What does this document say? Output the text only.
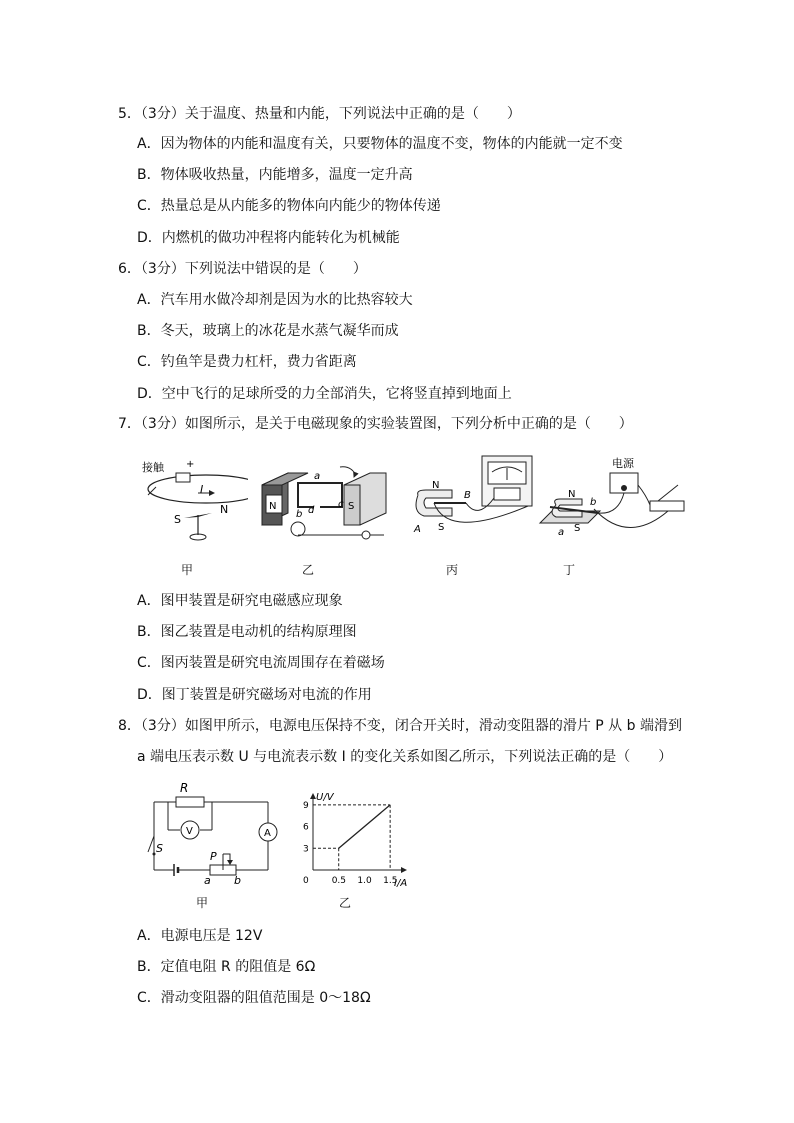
5．（3分）关于温度、热量和内能，下列说法中正确的是（　　）
A．因为物体的内能和温度有关，只要物体的温度不变，物体的内能就一定不变
B．物体吸收热量，内能增多，温度一定升高
C．热量总是从内能多的物体向内能少的物体传递
D．内燃机的做功冲程将内能转化为机械能
6．（3分）下列说法中错误的是（　　）
A．汽车用水做冷却剂是因为水的比热容较大
B．冬天，玻璃上的冰花是水蒸气凝华而成
C．钓鱼竿是费力杠杆，费力省距离
D．空中飞行的足球所受的力全部消失，它将竖直掉到地面上
7．（3分）如图所示，是关于电磁现象的实验装置图，下列分析中正确的是（　　）
接触 +
I
S
N
甲
a
N	S
b
c
d
乙
N
S
A
B
丙
电源
N
S
a
b
丁
A．图甲装置是研究电磁感应现象
B．图乙装置是电动机的结构原理图
C．图丙装置是研究电流周围存在着磁场
D．图丁装置是研究磁场对电流的作用
8．（3分）如图甲所示，电源电压保持不变，闭合开关时，滑动变阻器的滑片 P 从 b 端滑到
a 端电压表示数 U 与电流表示数 I 的变化关系如图乙所示，下列说法正确的是（　　）
R
V	A
S
P
a b
甲
U/V
I/A
9
6
3
0	0.5 1.0 1.5
乙
A．电源电压是 12V
B．定值电阻 R 的阻值是 6Ω
C．滑动变阻器的阻值范围是 0～18Ω
